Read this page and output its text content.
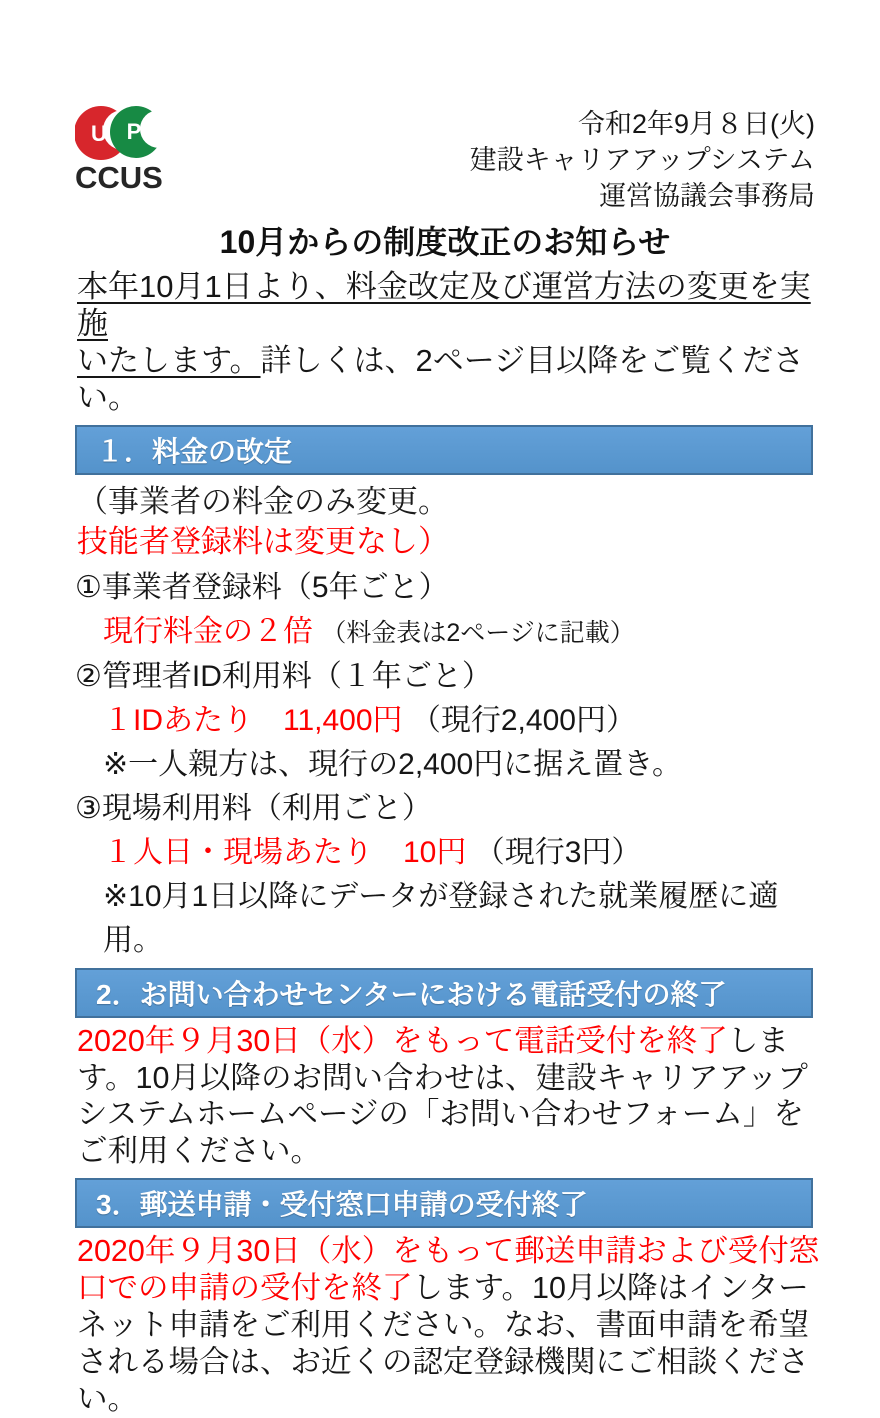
U P
CCUS
令和2年9月８日(火)
建設キャリアアップシステム
運営協議会事務局
10月からの制度改正のお知らせ

本年10月1日より、料金改定及び運営方法の変更を実施
いたします。詳しくは、2ページ目以降をご覧ください。

１．料金の改定

（事業者の料金のみ変更。技能者登録料は変更なし）

①事業者登録料（5年ごと）
現行料金の２倍 （料金表は2ページに記載）
②管理者ID利用料（１年ごと）
１IDあたり　11,400円 （現行2,400円）
※一人親方は、現行の2,400円に据え置き。
③現場利用料（利用ごと）
１人日・現場あたり　10円 （現行3円）
※10月1日以降にデータが登録された就業履歴に適用。
2．お問い合わせセンターにおける電話受付の終了

2020年９月30日（水）をもって電話受付を終了します。10月以降のお問い合わせは、建設キャリアアップシステムホームページの「お問い合わせフォーム」をご利用ください。

3．郵送申請・受付窓口申請の受付終了

2020年９月30日（水）をもって郵送申請および受付窓口での申請の受付を終了します。10月以降はインターネット申請をご利用ください。なお、書面申請を希望される場合は、お近くの認定登録機関にご相談ください。
